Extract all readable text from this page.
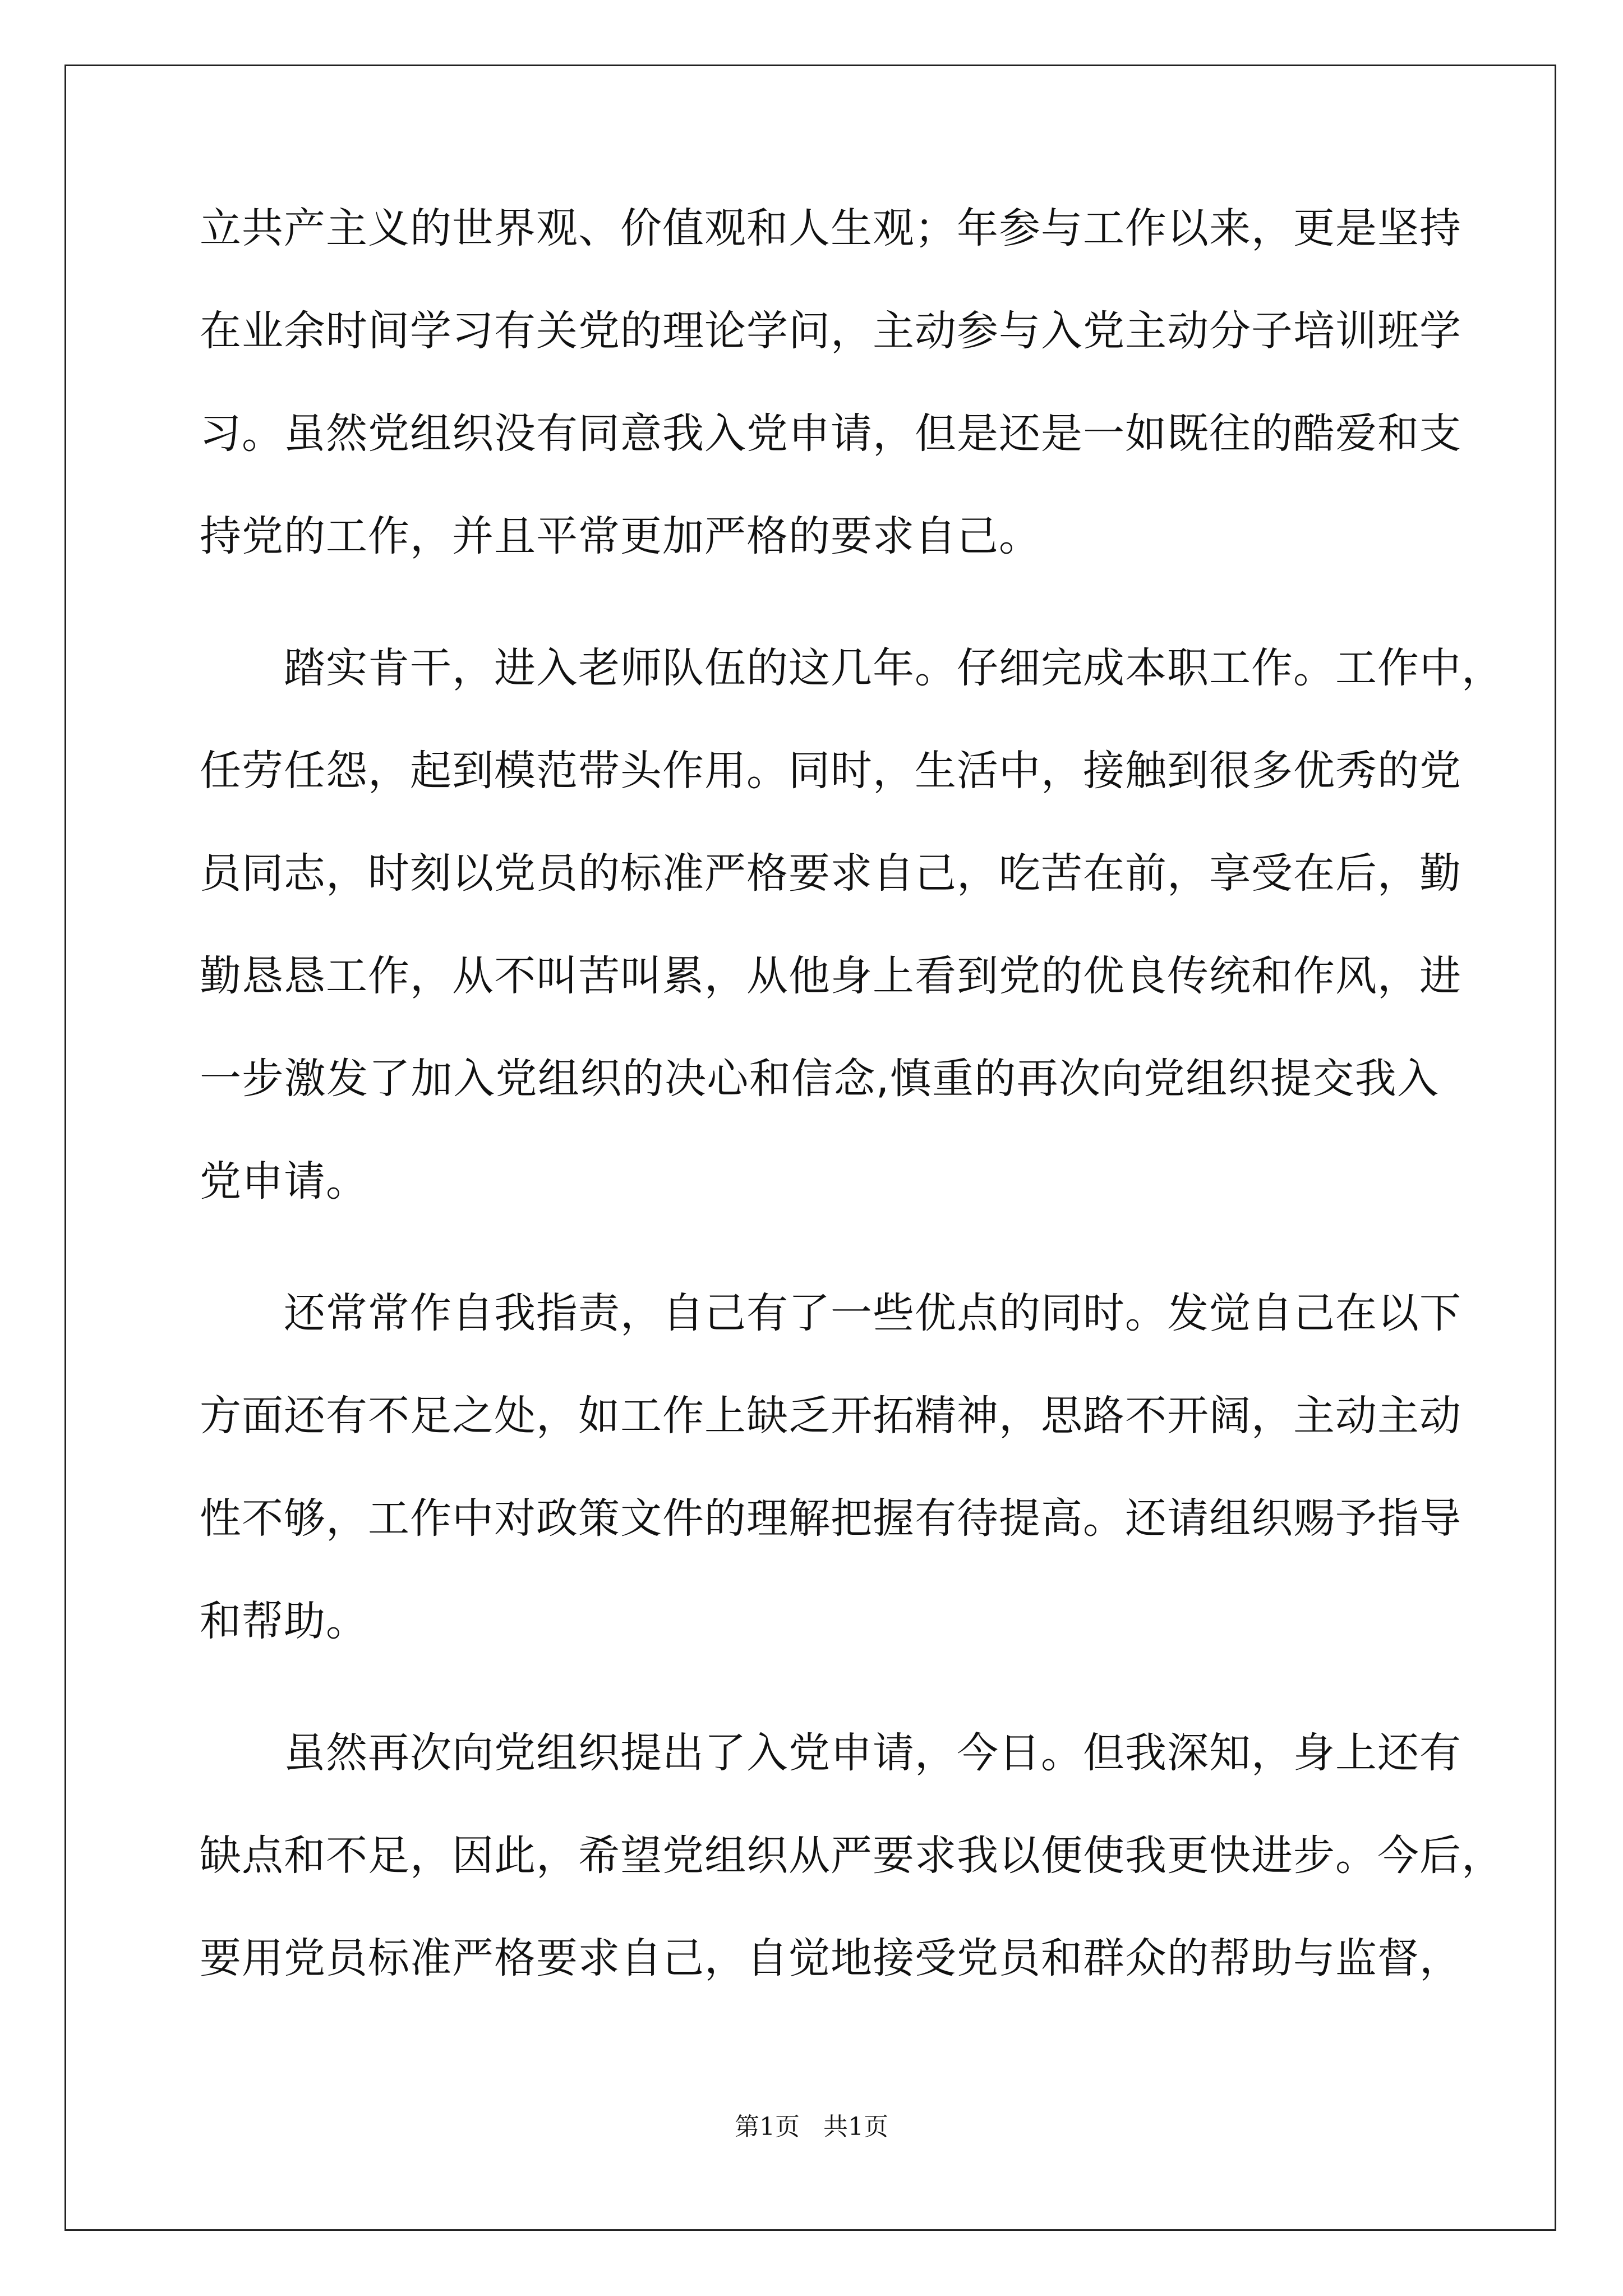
立共产主义的世界观、价值观和人生观；年参与工作以来，更是坚持
在业余时间学习有关党的理论学问，主动参与入党主动分子培训班学
习。虽然党组织没有同意我入党申请，但是还是一如既往的酷爱和支
持党的工作，并且平常更加严格的要求自己。
踏实肯干，进入老师队伍的这几年。仔细完成本职工作。工作中，
任劳任怨，起到模范带头作用。同时，生活中，接触到很多优秀的党
员同志，时刻以党员的标准严格要求自己，吃苦在前，享受在后，勤
勤恳恳工作，从不叫苦叫累，从他身上看到党的优良传统和作风，进
一步激发了加入党组织的决心和信念,慎重的再次向党组织提交我入
党申请。
还常常作自我指责，自己有了一些优点的同时。发觉自己在以下
方面还有不足之处，如工作上缺乏开拓精神，思路不开阔，主动主动
性不够，工作中对政策文件的理解把握有待提高。还请组织赐予指导
和帮助。
虽然再次向党组织提出了入党申请，今日。但我深知，身上还有
缺点和不足，因此，希望党组织从严要求我以便使我更快进步。今后，
要用党员标准严格要求自己，自觉地接受党员和群众的帮助与监督，
第1页   共1页
